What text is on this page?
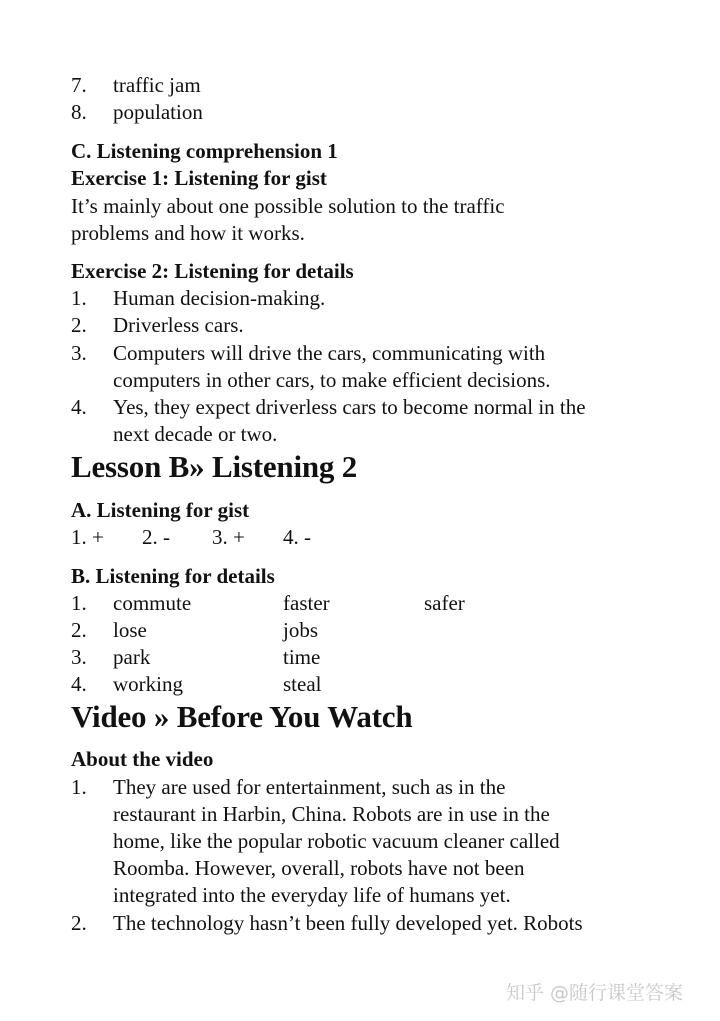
7. traffic jam
8. population
C. Listening comprehension 1
Exercise 1: Listening for gist
It’s mainly about one possible solution to the traffic
problems and how it works.
Exercise 2: Listening for details
1. Human decision-making.
2. Driverless cars.
3. Computers will drive the cars, communicating with
computers in other cars, to make efficient decisions.
4. Yes, they expect driverless cars to become normal in the
next decade or two.
Lesson B» Listening 2
A. Listening for gist
1. + 2. - 3. + 4. -
B. Listening for details
1. commute	faster	safer
2. lose	jobs
3. park	time
4. working	steal
Video » Before You Watch
About the video
1. They are used for entertainment, such as in the
restaurant in Harbin, China. Robots are in use in the
home, like the popular robotic vacuum cleaner called
Roomba. However, overall, robots have not been
integrated into the everyday life of humans yet.
2. The technology hasn’t been fully developed yet. Robots
知乎 @随行课堂答案
